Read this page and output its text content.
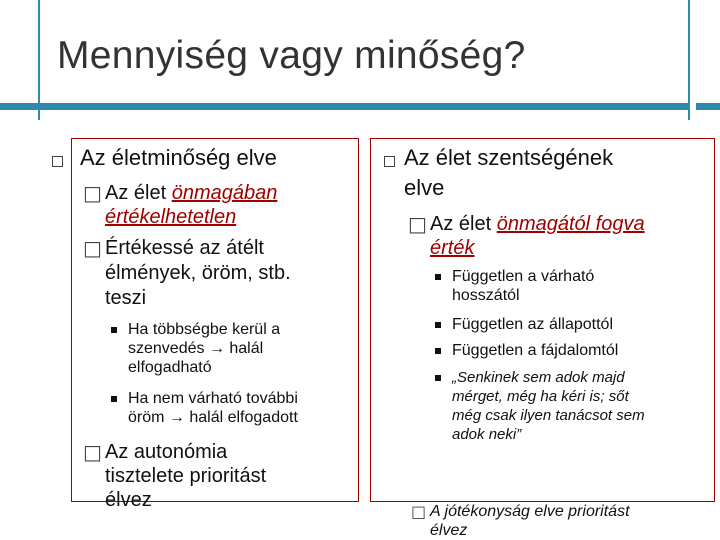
Mennyiség vagy minőség?
Az életminőség elve
□ Az élet önmagában
értékelhetetlen
□ Értékessé az átélt
élmények, öröm, stb.
teszi
Ha többségbe kerül a
szenvedés → halál
elfogadható
Ha nem várható további
öröm → halál elfogadott
□ Az autonómia
tisztelete prioritást
élvez
Az élet szentségének
elve
□ Az élet önmagától fogva
érték
Független a várható
hosszától
Független az állapottól
Független a fájdalomtól
„Senkinek sem adok majd
mérget, még ha kéri is; sőt
még csak ilyen tanácsot sem
adok neki”
□ A jótékonyság elve prioritást
élvez
